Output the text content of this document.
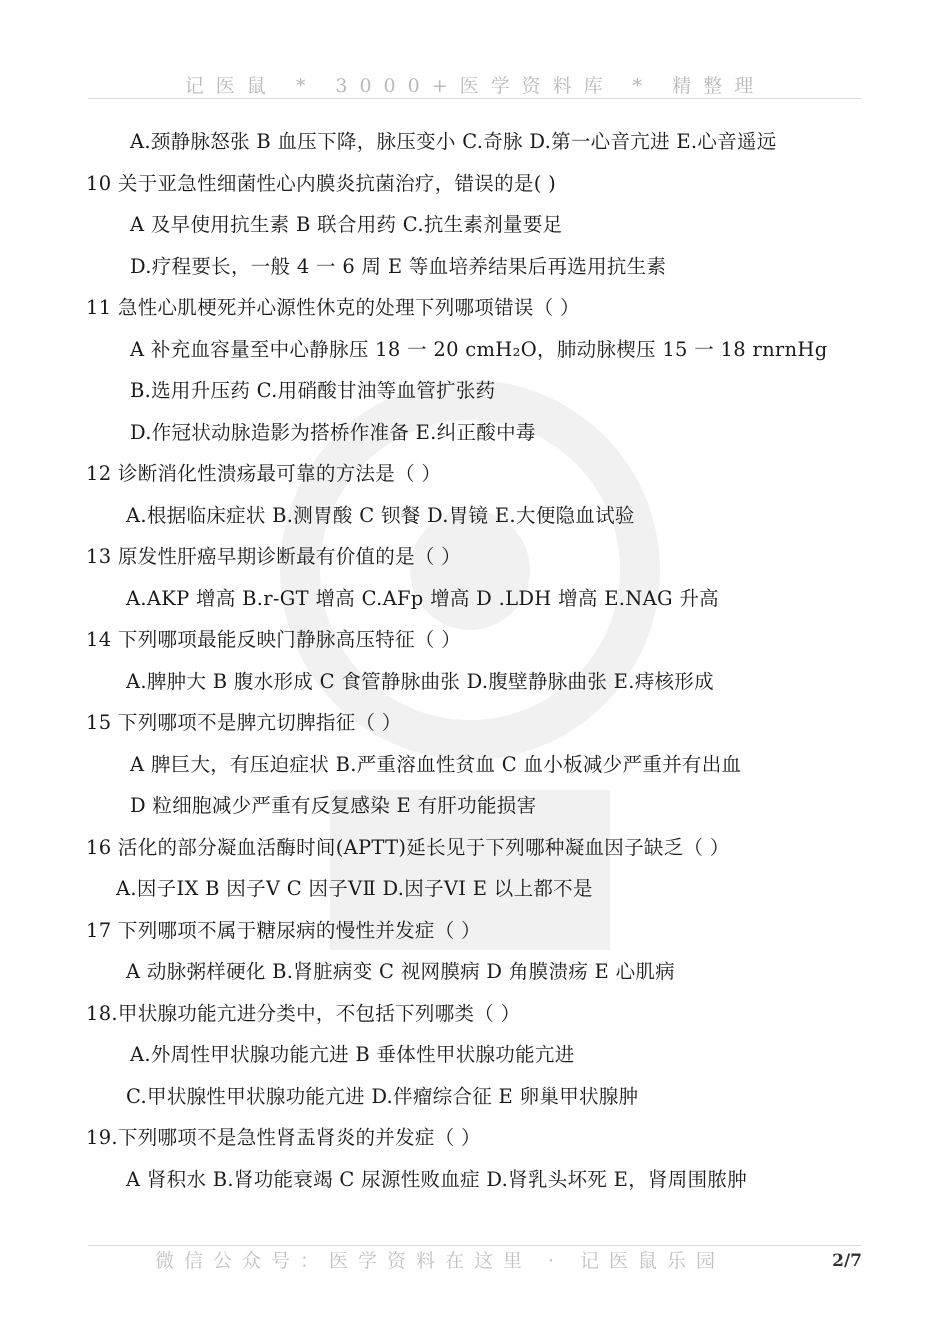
记医鼠 * 3000+医学资料库 * 精整理
A.颈静脉怒张 B 血压下降，脉压变小 C.奇脉 D.第一心音亢进 E.心音遥远
10 关于亚急性细菌性心内膜炎抗菌治疗，错误的是( )
A 及早使用抗生素 B 联合用药 C.抗生素剂量要足
D.疗程要长，一般 4 一 6 周 E 等血培养结果后再选用抗生素
11 急性心肌梗死并心源性休克的处理下列哪项错误（ ）
A 补充血容量至中心静脉压 18 一 20 cmH₂O，肺动脉楔压 15 一 18 rnrnHg
B.选用升压药 C.用硝酸甘油等血管扩张药
D.作冠状动脉造影为搭桥作准备 E.纠正酸中毒
12 诊断消化性溃疡最可靠的方法是（ ）
A.根据临床症状 B.测胃酸 C 钡餐 D.胃镜 E.大便隐血试验
13 原发性肝癌早期诊断最有价值的是（ ）
A.AKP 增高 B.r-GT 增高 C.AFp 增高 D .LDH 增高 E.NAG 升高
14 下列哪项最能反映门静脉高压特征（ ）
A.脾肿大 B 腹水形成 C 食管静脉曲张 D.腹壁静脉曲张 E.痔核形成
15 下列哪项不是脾亢切脾指征（ ）
A 脾巨大，有压迫症状 B.严重溶血性贫血 C 血小板减少严重并有出血
D 粒细胞减少严重有反复感染 E 有肝功能损害
16 活化的部分凝血活酶时间(APTT)延长见于下列哪种凝血因子缺乏（ ）
A.因子ⅠX B 因子Ⅴ C 因子ⅤⅡ D.因子ⅤⅠ E 以上都不是
17 下列哪项不属于糖尿病的慢性并发症（ ）
A 动脉粥样硬化 B.肾脏病变 C 视网膜病 D 角膜溃疡 E 心肌病
18.甲状腺功能亢进分类中，不包括下列哪类（ ）
A.外周性甲状腺功能亢进 B 垂体性甲状腺功能亢进
C.甲状腺性甲状腺功能亢进 D.伴瘤综合征 E 卵巢甲状腺肿
19.下列哪项不是急性肾盂肾炎的并发症（ ）
A 肾积水 B.肾功能衰竭 C 尿源性败血症 D.肾乳头坏死 E，肾周围脓肿
微信公众号：医学资料在这里 · 记医鼠乐园	2/7
